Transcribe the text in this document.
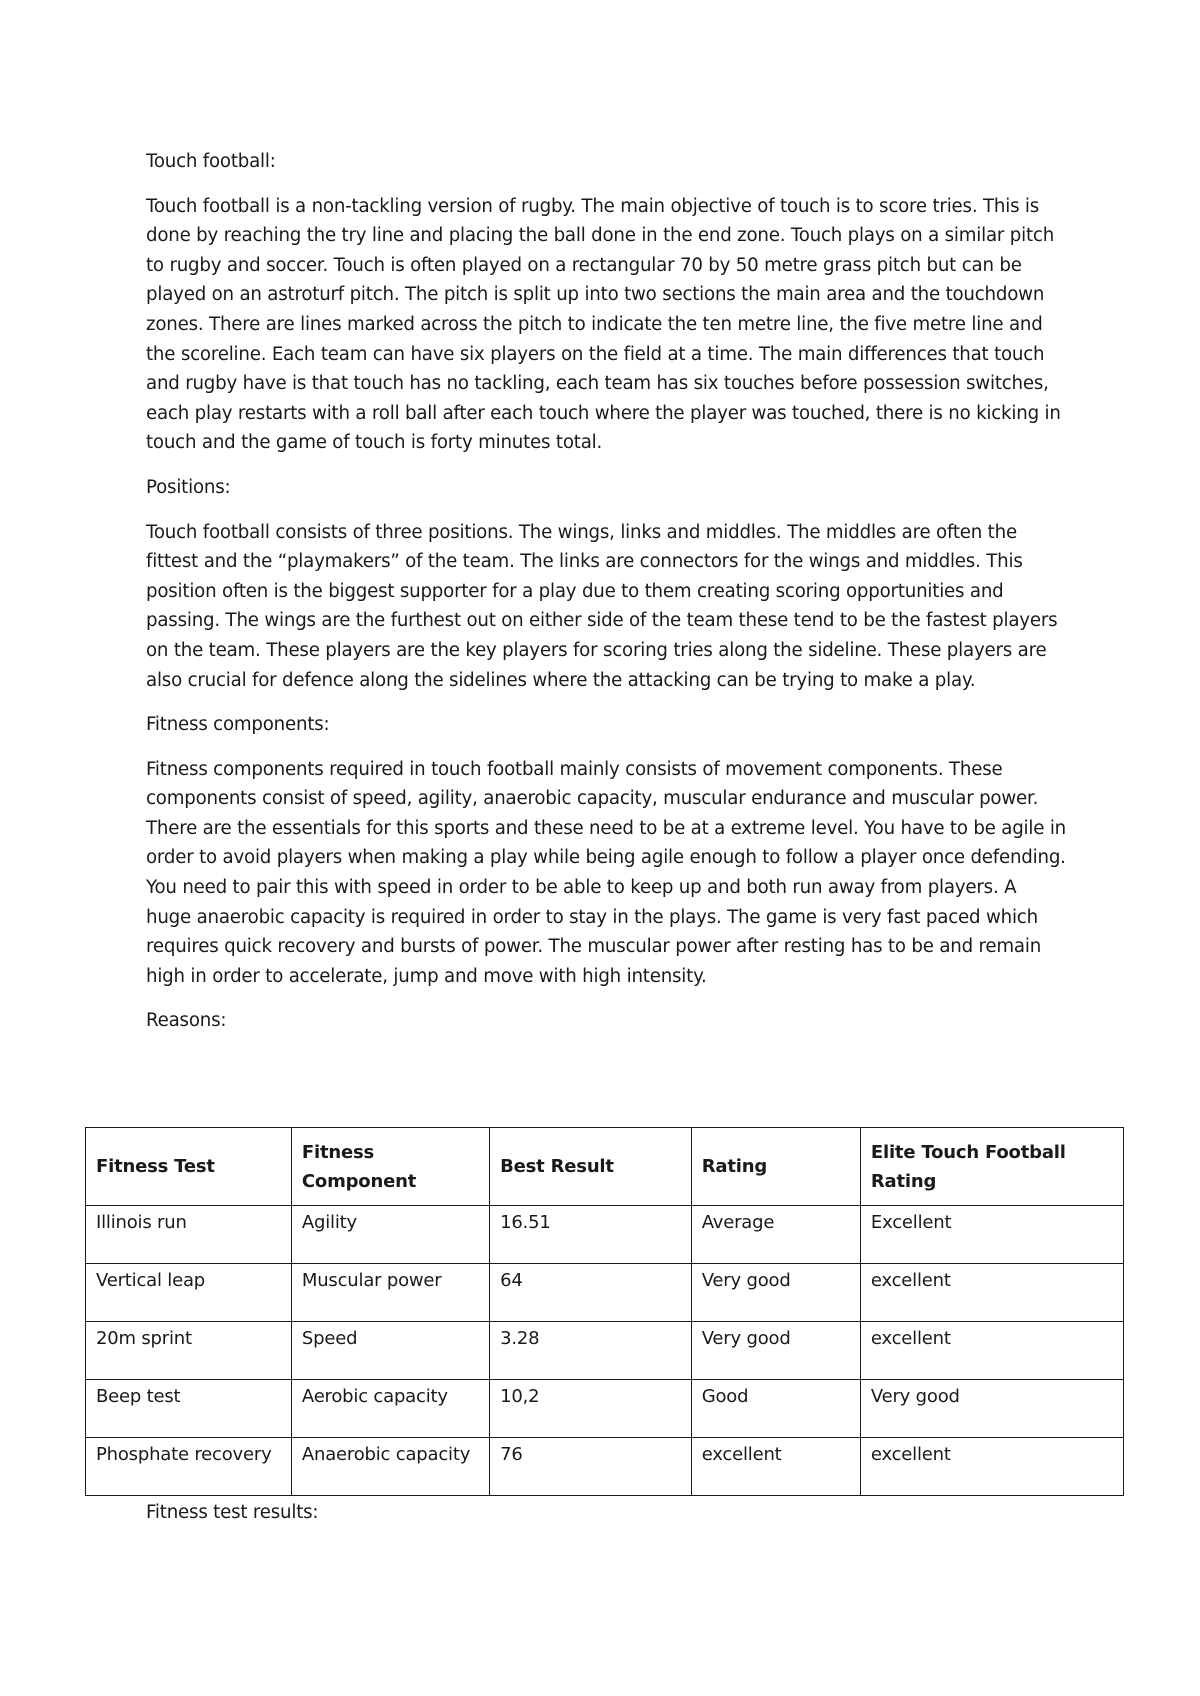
Touch football:

Touch football is a non-tackling version of rugby. The main objective of touch is to score tries. This is done by reaching the try line and placing the ball done in the end zone. Touch plays on a similar pitch to rugby and soccer. Touch is often played on a rectangular 70 by 50 metre grass pitch but can be played on an astroturf pitch. The pitch is split up into two sections the main area and the touchdown zones. There are lines marked across the pitch to indicate the ten metre line, the five metre line and the scoreline. Each team can have six players on the field at a time. The main differences that touch and rugby have is that touch has no tackling, each team has six touches before possession switches, each play restarts with a roll ball after each touch where the player was touched, there is no kicking in touch and the game of touch is forty minutes total.

Positions:

Touch football consists of three positions. The wings, links and middles. The middles are often the fittest and the “playmakers” of the team. The links are connectors for the wings and middles. This position often is the biggest supporter for a play due to them creating scoring opportunities and passing. The wings are the furthest out on either side of the team these tend to be the fastest players on the team. These players are the key players for scoring tries along the sideline. These players are also crucial for defence along the sidelines where the attacking can be trying to make a play.

Fitness components:

Fitness components required in touch football mainly consists of movement components. These components consist of speed, agility, anaerobic capacity, muscular endurance and muscular power. There are the essentials for this sports and these need to be at a extreme level. You have to be agile in order to avoid players when making a play while being agile enough to follow a player once defending. You need to pair this with speed in order to be able to keep up and both run away from players. A huge anaerobic capacity is required in order to stay in the plays. The game is very fast paced which requires quick recovery and bursts of power. The muscular power after resting has to be and remain high in order to accelerate, jump and move with high intensity.

Reasons:

Fitness Test	Fitness Component	Best Result	Rating	Elite Touch Football Rating
Illinois run	Agility	16.51	Average	Excellent
Vertical leap	Muscular power	64	Very good	excellent
20m sprint	Speed	3.28	Very good	excellent
Beep test	Aerobic capacity	10,2	Good	Very good
Phosphate recovery	Anaerobic capacity	76	excellent	excellent
Fitness test results:
